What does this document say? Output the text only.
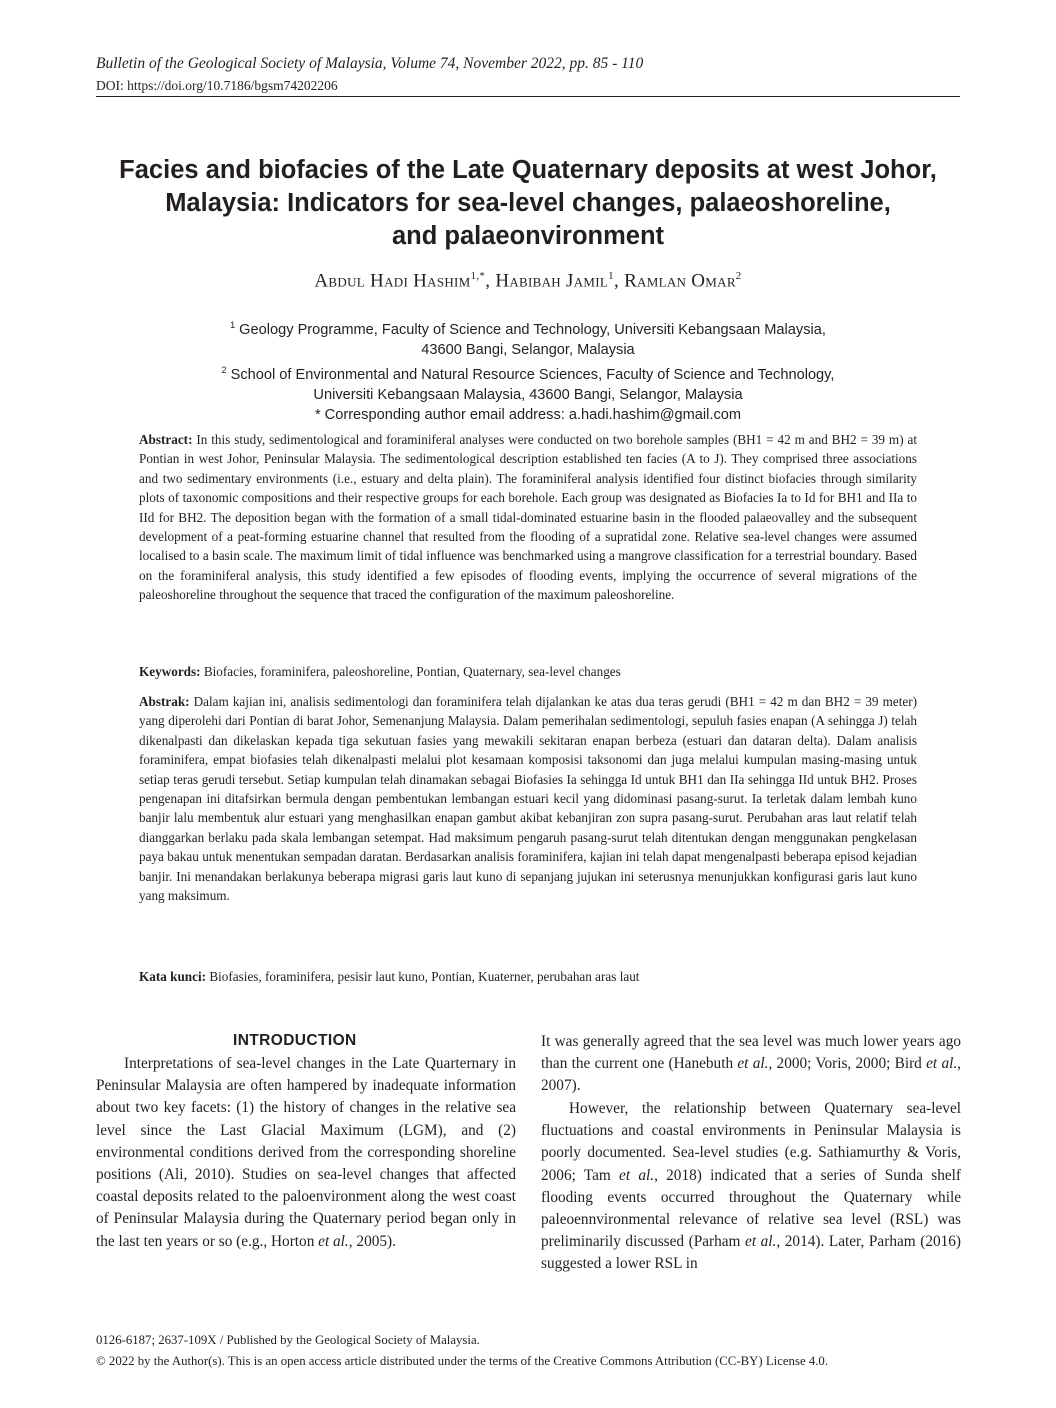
Bulletin of the Geological Society of Malaysia, Volume 74, November 2022, pp. 85 - 110
DOI: https://doi.org/10.7186/bgsm74202206
Facies and biofacies of the Late Quaternary deposits at west Johor,
Malaysia: Indicators for sea-level changes, palaeoshoreline,
and palaeonvironment
Abdul Hadi Hashim$^{1,*}$, Habibah Jamil$^1$, Ramlan Omar$^2$
$^1$ Geology Programme, Faculty of Science and Technology, Universiti Kebangsaan Malaysia,
43600 Bangi, Selangor, Malaysia
$^2$ School of Environmental and Natural Resource Sciences, Faculty of Science and Technology,
Universiti Kebangsaan Malaysia, 43600 Bangi, Selangor, Malaysia
* Corresponding author email address: a.hadi.hashim@gmail.com
Abstract: In this study, sedimentological and foraminiferal analyses were conducted on two borehole samples (BH1 = 42 m and BH2 = 39 m) at Pontian in west Johor, Peninsular Malaysia. The sedimentological description established ten facies (A to J). They comprised three associations and two sedimentary environments (i.e., estuary and delta plain). The foraminiferal analysis identified four distinct biofacies through similarity plots of taxonomic compositions and their respective groups for each borehole. Each group was designated as Biofacies Ia to Id for BH1 and IIa to IId for BH2. The deposition began with the formation of a small tidal-dominated estuarine basin in the flooded palaeovalley and the subsequent development of a peat-forming estuarine channel that resulted from the flooding of a supratidal zone. Relative sea-level changes were assumed localised to a basin scale. The maximum limit of tidal influence was benchmarked using a mangrove classification for a terrestrial boundary. Based on the foraminiferal analysis, this study identified a few episodes of flooding events, implying the occurrence of several migrations of the paleoshoreline throughout the sequence that traced the configuration of the maximum paleoshoreline.
Keywords: Biofacies, foraminifera, paleoshoreline, Pontian, Quaternary, sea-level changes
Abstrak: Dalam kajian ini, analisis sedimentologi dan foraminifera telah dijalankan ke atas dua teras gerudi (BH1 = 42 m dan BH2 = 39 meter) yang diperolehi dari Pontian di barat Johor, Semenanjung Malaysia. Dalam pemerihalan sedimentologi, sepuluh fasies enapan (A sehingga J) telah dikenalpasti dan dikelaskan kepada tiga sekutuan fasies yang mewakili sekitaran enapan berbeza (estuari dan dataran delta). Dalam analisis foraminifera, empat biofasies telah dikenalpasti melalui plot kesamaan komposisi taksonomi dan juga melalui kumpulan masing-masing untuk setiap teras gerudi tersebut. Setiap kumpulan telah dinamakan sebagai Biofasies Ia sehingga Id untuk BH1 dan IIa sehingga IId untuk BH2. Proses pengenapan ini ditafsirkan bermula dengan pembentukan lembangan estuari kecil yang didominasi pasang-surut. Ia terletak dalam lembah kuno banjir lalu membentuk alur estuari yang menghasilkan enapan gambut akibat kebanjiran zon supra pasang-surut. Perubahan aras laut relatif telah dianggarkan berlaku pada skala lembangan setempat. Had maksimum pengaruh pasang-surut telah ditentukan dengan menggunakan pengkelasan paya bakau untuk menentukan sempadan daratan. Berdasarkan analisis foraminifera, kajian ini telah dapat mengenalpasti beberapa episod kejadian banjir. Ini menandakan berlakunya beberapa migrasi garis laut kuno di sepanjang jujukan ini seterusnya menunjukkan konfigurasi garis laut kuno yang maksimum.
Kata kunci: Biofasies, foraminifera, pesisir laut kuno, Pontian, Kuaterner, perubahan aras laut
INTRODUCTION
Interpretations of sea-level changes in the Late Quarternary in Peninsular Malaysia are often hampered by inadequate information about two key facets: (1) the history of changes in the relative sea level since the Last Glacial Maximum (LGM), and (2) environmental conditions derived from the corresponding shoreline positions (Ali, 2010). Studies on sea-level changes that affected coastal deposits related to the paloenvironment along the west coast of Peninsular Malaysia during the Quaternary period began only in the last ten years or so (e.g., Horton et al., 2005).
It was generally agreed that the sea level was much lower years ago than the current one (Hanebuth et al., 2000; Voris, 2000; Bird et al., 2007).
However, the relationship between Quaternary sea-level fluctuations and coastal environments in Peninsular Malaysia is poorly documented. Sea-level studies (e.g. Sathiamurthy & Voris, 2006; Tam et al., 2018) indicated that a series of Sunda shelf flooding events occurred throughout the Quaternary while paleoennvironmental relevance of relative sea level (RSL) was preliminarily discussed (Parham et al., 2014). Later, Parham (2016) suggested a lower RSL in
0126-6187; 2637-109X / Published by the Geological Society of Malaysia.
© 2022 by the Author(s). This is an open access article distributed under the terms of the Creative Commons Attribution (CC-BY) License 4.0.
